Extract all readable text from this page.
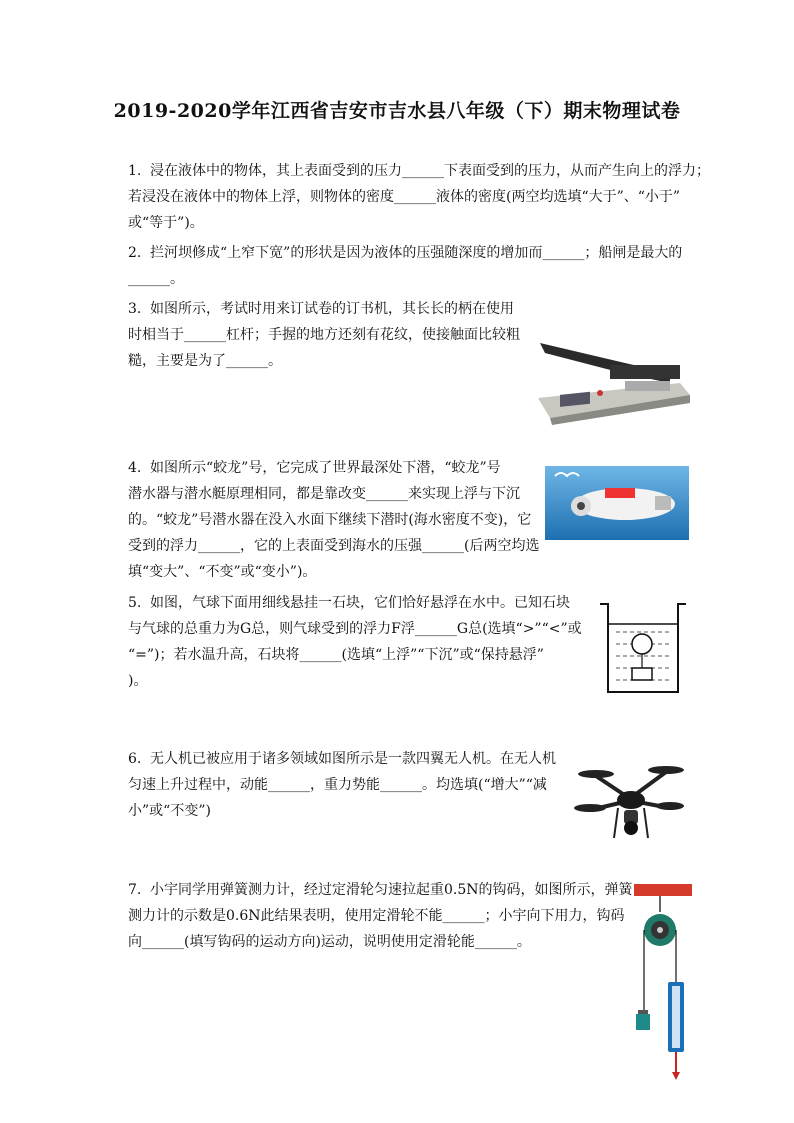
2019-2020学年江西省吉安市吉水县八年级（下）期末物理试卷
1. 浸在液体中的物体，其上表面受到的压力______下表面受到的压力，从而产生向上的浮力；
若浸没在液体中的物体上浮，则物体的密度______液体的密度(两空均选填“大于”、“小于”
或“等于”)。
2. 拦河坝修成“上窄下宽”的形状是因为液体的压强随深度的增加而______；船闸是最大的
______。
3. 如图所示，考试时用来订试卷的订书机，其长长的柄在使用
时相当于______杠杆；手握的地方还刻有花纹，使接触面比较粗
糙，主要是为了______。
4. 如图所示“蛟龙”号，它完成了世界最深处下潜，“蛟龙”号
潜水器与潜水艇原理相同，都是靠改变______来实现上浮与下沉
的。“蛟龙”号潜水器在没入水面下继续下潜时(海水密度不变)，它
受到的浮力______，它的上表面受到海水的压强______(后两空均选
填“变大”、“不变”或“变小”)。
5. 如图，气球下面用细线悬挂一石块，它们恰好悬浮在水中。已知石块
与气球的总重力为G总，则气球受到的浮力F浮______G总(选填“>”“<”或
“=”)；若水温升高，石块将______(选填“上浮”“下沉”或“保持悬浮”
)。
6. 无人机已被应用于诸多领域如图所示是一款四翼无人机。在无人机
匀速上升过程中，动能______，重力势能______。均选填(“增大”“减
小”或“不变”)
7. 小宇同学用弹簧测力计，经过定滑轮匀速拉起重0.5N的钩码，如图所示，弹簧
测力计的示数是0.6N此结果表明，使用定滑轮不能______；小宇向下用力，钩码
向______(填写钩码的运动方向)运动，说明使用定滑轮能______。
